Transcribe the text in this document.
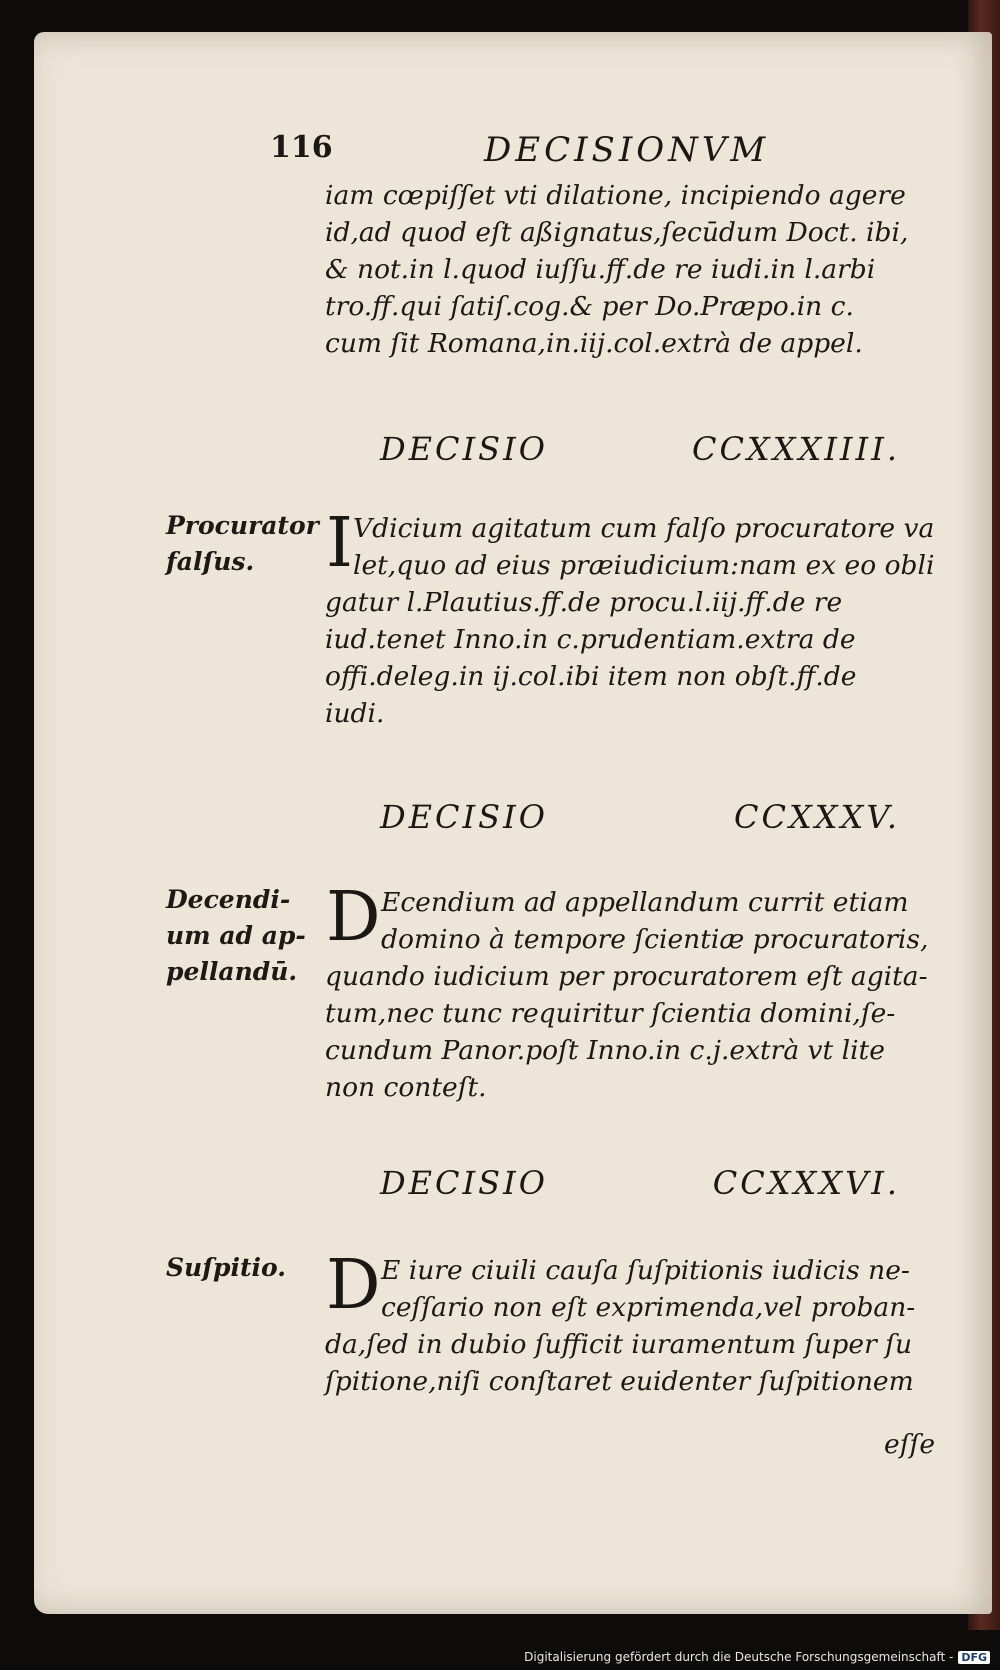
116	DECISIONVM
iam cœpiſſet vti dilatione, incipiendo agere
id,ad quod eſt aßignatus,ſecūdum Doct. ibi,
& not.in l.quod iuſſu.ff.de re iudi.in l.arbi
tro.ff.qui ſatiſ.cog.& per Do.Præpo.in c.
cum ſit Romana,in.iij.col.extrà de appel.
DECISIO	CCXXXIIII.
Procurator
falſus.	I Vdicium agitatum cum falſo procuratore va
let,quo ad eius præiudicium:nam ex eo obli
gatur l.Plautius.ff.de procu.l.iij.ff.de re
iud.tenet Inno.in c.prudentiam.extra de
offi.deleg.in ij.col.ibi item non obſt.ff.de
iudi.
DECISIO	CCXXXV.
Decendi-
um ad ap-
pellandū.
D Ecendium ad appellandum currit etiam
domino à tempore ſcientiæ procuratoris,
quando iudicium per procuratorem eſt agita-
tum,nec tunc requiritur ſcientia domini,ſe-
cundum Panor.poſt Inno.in c.j.extrà vt lite
non conteſt.
DECISIO	CCXXXVI.
Suſpitio. D E iure ciuili cauſa ſuſpitionis iudicis ne-
ceſſario non eſt exprimenda,vel proban-
da,ſed in dubio ſufficit iuramentum ſuper ſu
ſpitione,niſi conſtaret euidenter ſuſpitionem
eſſe
Digitalisierung gefördert durch die Deutsche Forschungsgemeinschaft - DFG
